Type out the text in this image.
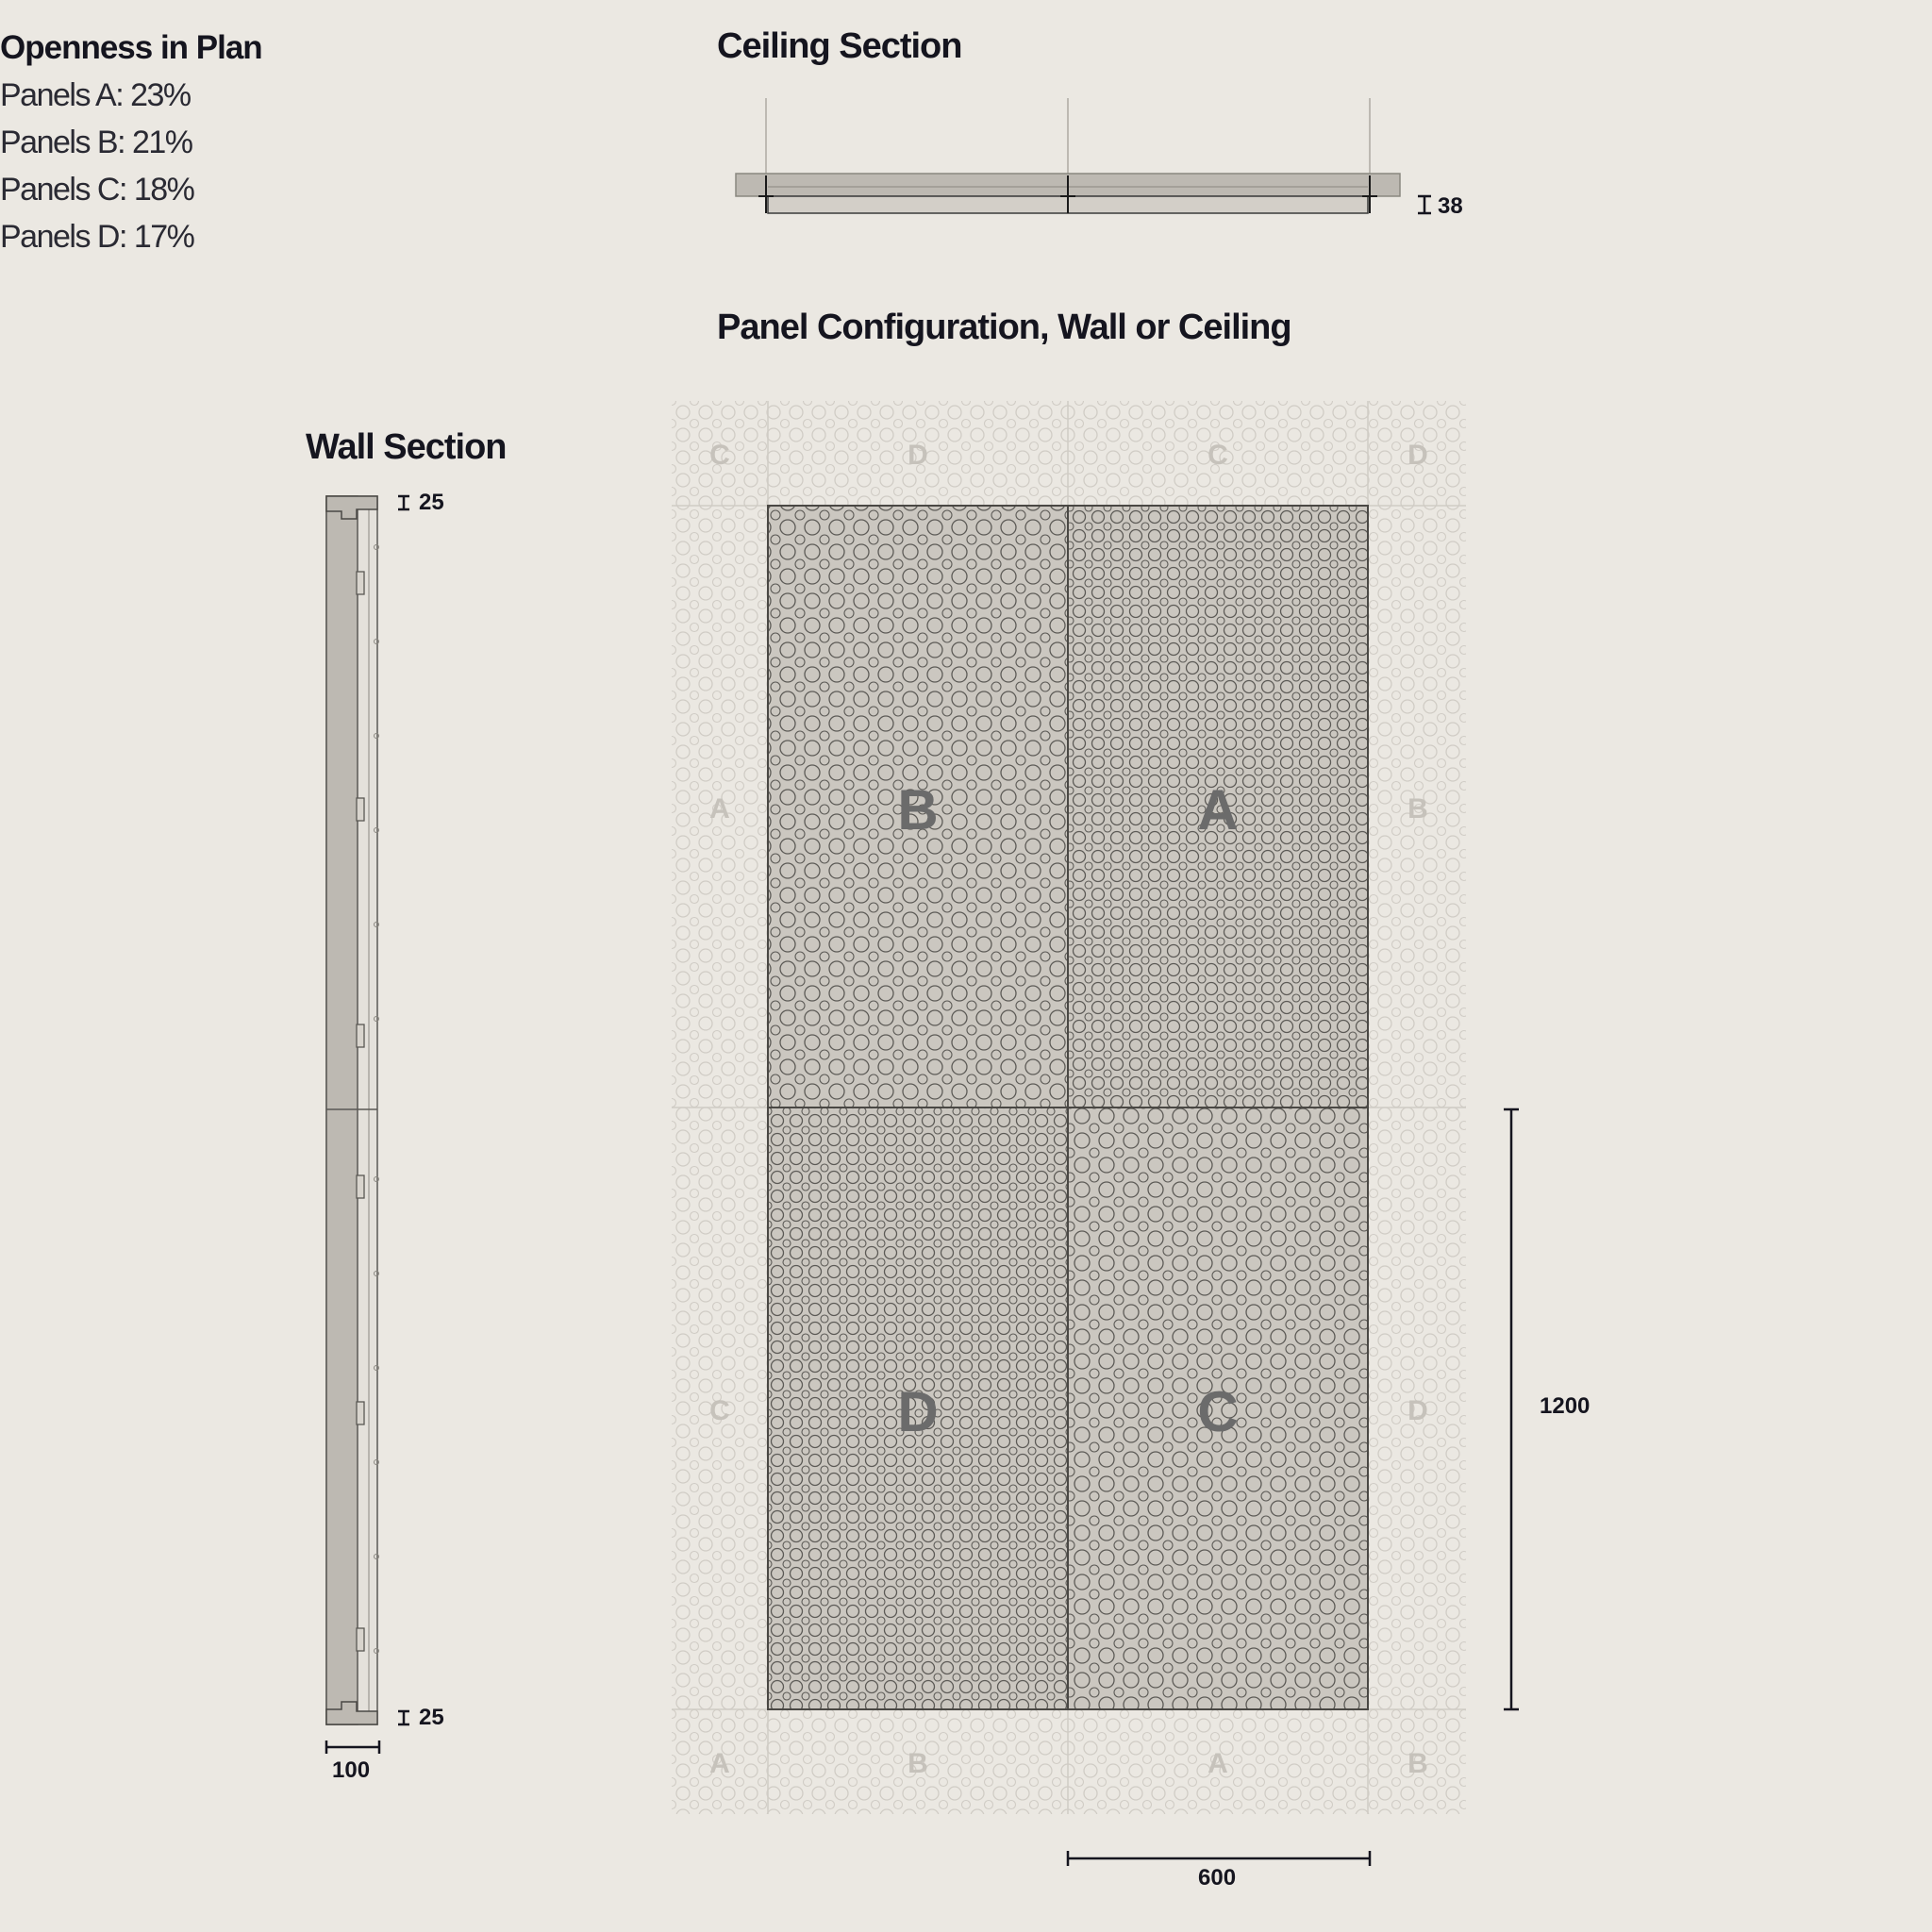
Openness in Plan
Panels A: 23%
Panels B: 21%
Panels C: 18%
Panels D: 17%
Ceiling Section
Panel Configuration, Wall or Ceiling
Wall Section
38
25
25
100
1200
600
B	A
D	C
C	D	C	D
A	B
C	D
A	B	A	B
